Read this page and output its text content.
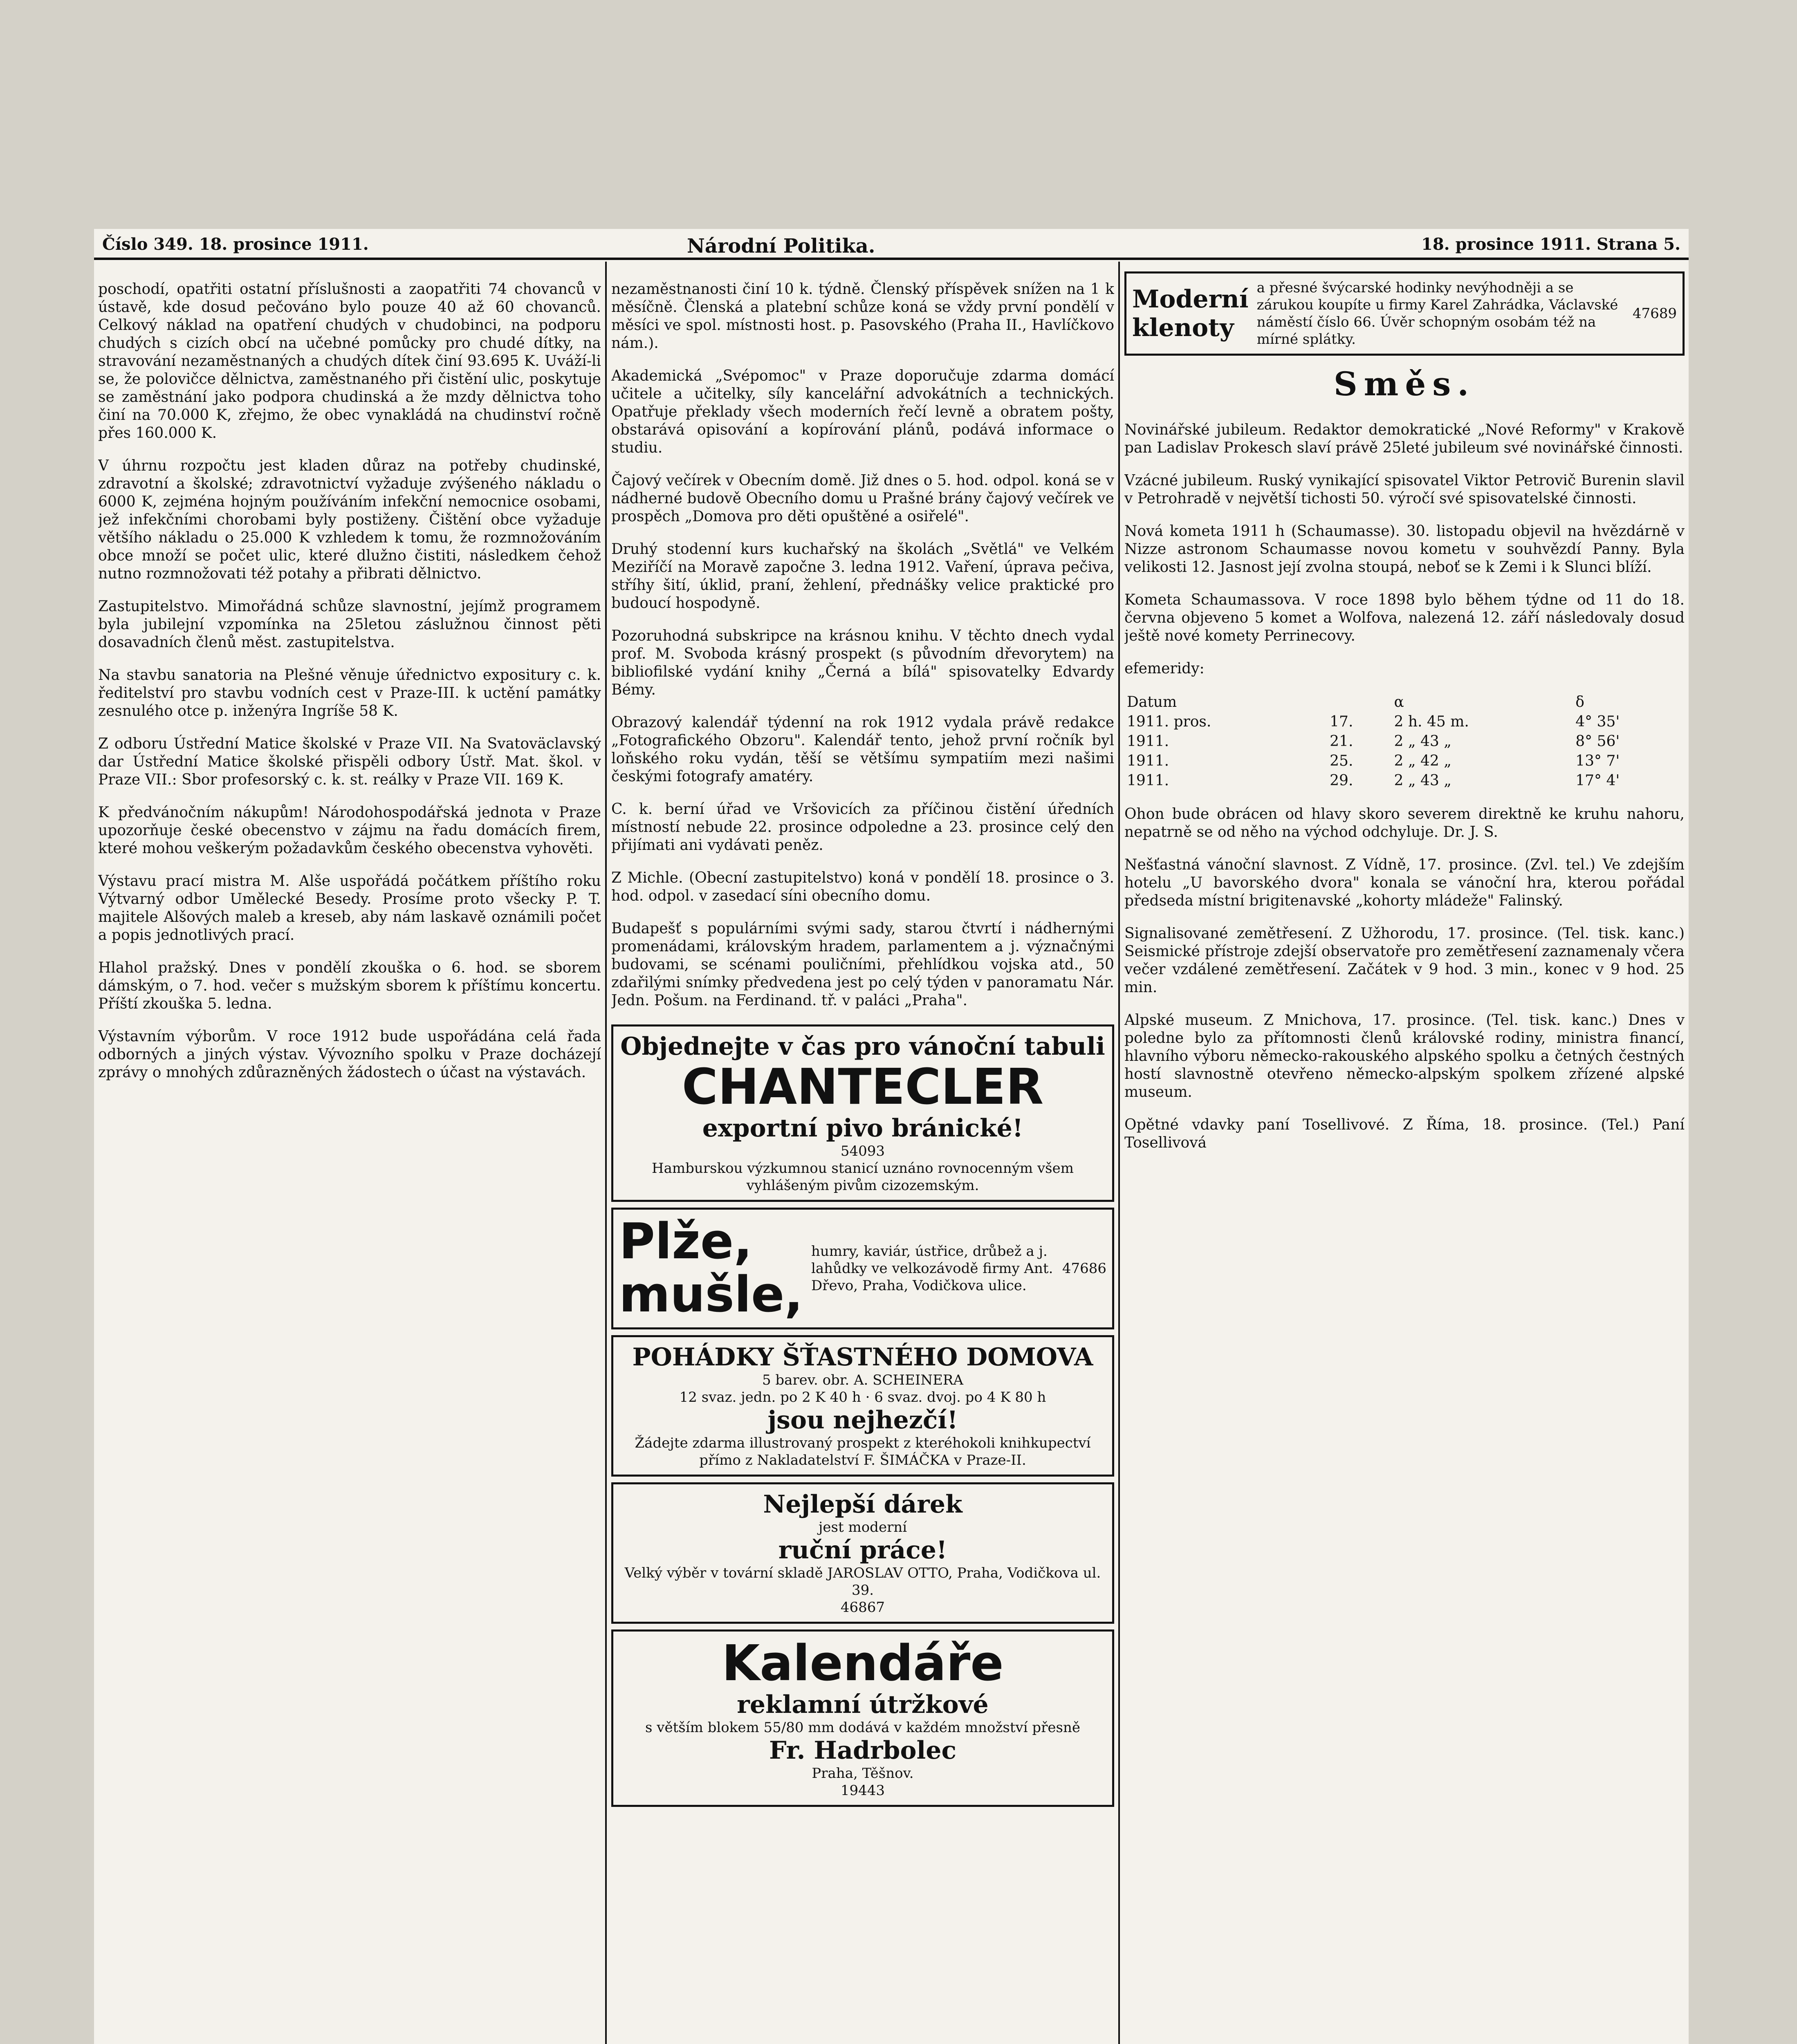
Číslo 349. 18. prosince 1911.	Národní Politika.	18. prosince 1911. Strana 5.

poschodí, opatřiti ostatní příslušnosti a zaopatřiti 74 chovanců v ústavě, kde dosud pečováno bylo pouze 40 až 60 chovanců. Celkový náklad na opatření chudých v chudobinci, na podporu chudých s cizích obcí na učebné pomůcky pro chudé dítky, na stravování nezaměstnaných a chudých dítek činí 93.695 K. Uváží-li se, že polovičce dělnictva, zaměstnaného při čistění ulic, poskytuje se zaměstnání jako podpora chudinská a že mzdy dělnictva toho činí na 70.000 K, zřejmo, že obec vynakládá na chudinství ročně přes 160.000 K.

V úhrnu rozpočtu jest kladen důraz na potřeby chudinské, zdravotní a školské; zdravotnictví vyžaduje zvýšeného nákladu o 6000 K, zejména hojným používáním infekční nemocnice osobami, jež infekčními chorobami byly postiženy. Čištění obce vyžaduje většího nákladu o 25.000 K vzhledem k tomu, že rozmnožováním obce množí se počet ulic, které dlužno čistiti, následkem čehož nutno rozmnožovati též potahy a přibrati dělnictvo.

Zastupitelstvo. Mimořádná schůze slavnostní, jejímž programem byla jubilejní vzpomínka na 25letou záslužnou činnost pěti dosavadních členů měst. zastupitelstva.

Na stavbu sanatoria na Plešné věnuje úřednictvo expositury c. k. ředitelství pro stavbu vodních cest v Praze-III. k uctění památky zesnulého otce p. inženýra Ingríše 58 K.

Z odboru Ústřední Matice školské v Praze VII. Na Svatoväclavský dar Ústřední Matice školské přispěli odbory Ústř. Mat. škol. v Praze VII.: Sbor profesorský c. k. st. reálky v Praze VII. 169 K.

K předvánočním nákupům! Národohospodářská jednota v Praze upozorňuje české obecenstvo v zájmu na řadu domácích firem, které mohou veškerým požadavkům českého obecenstva vyhověti.

Výstavu prací mistra M. Alše uspořádá počátkem příštího roku Výtvarný odbor Umělecké Besedy. Prosíme proto všecky P. T. majitele Alšových maleb a kreseb, aby nám laskavě oznámili počet a popis jednotlivých prací.

Hlahol pražský. Dnes v pondělí zkouška o 6. hod. se sborem dámským, o 7. hod. večer s mužským sborem k příštímu koncertu. Příští zkouška 5. ledna.

Výstavním výborům. V roce 1912 bude uspořádána celá řada odborných a jiných výstav. Vývozního spolku v Praze docházejí zprávy o mnohých zdůrazněných žádostech o účast na výstavách.

nezaměstnanosti činí 10 k. týdně. Členský příspěvek snížen na 1 k měsíčně. Členská a platební schůze koná se vždy první pondělí v měsíci ve spol. místnosti host. p. Pasovského (Praha II., Havlíčkovo nám.).

Akademická „Svépomoc" v Praze doporučuje zdarma domácí učitele a učitelky, síly kancelářní advokátních a technických. Opatřuje překlady všech moderních řečí levně a obratem pošty, obstarává opisování a kopírování plánů, podává informace o studiu.

Čajový večírek v Obecním domě. Již dnes o 5. hod. odpol. koná se v nádherné budově Obecního domu u Prašné brány čajový večírek ve prospěch „Domova pro děti opuštěné a osiřelé".

Druhý stodenní kurs kuchařský na školách „Světlá" ve Velkém Meziříčí na Moravě započne 3. ledna 1912. Vaření, úprava pečiva, stříhy šití, úklid, praní, žehlení, přednášky velice praktické pro budoucí hospodyně.

Pozoruhodná subskripce na krásnou knihu. V těchto dnech vydal prof. M. Svoboda krásný prospekt (s původním dřevorytem) na bibliofilské vydání knihy „Černá a bílá" spisovatelky Edvardy Bémy.

Obrazový kalendář týdenní na rok 1912 vydala právě redakce „Fotografického Obzoru". Kalendář tento, jehož první ročník byl loňského roku vydán, těší se většímu sympatiím mezi našimi českými fotografy amatéry.

C. k. berní úřad ve Vršovicích za příčinou čistění úředních místností nebude 22. prosince odpoledne a 23. prosince celý den přijímati ani vydávati peněz.

Z Michle. (Obecní zastupitelstvo) koná v pondělí 18. prosince o 3. hod. odpol. v zasedací síni obecního domu.

Budapešť s populárními svými sady, starou čtvrtí i nádhernými promenádami, královským hradem, parlamentem a j. význačnými budovami, se scénami pouličními, přehlídkou vojska atd., 50 zdařilými snímky předvedena jest po celý týden v panoramatu Nár. Jedn. Pošum. na Ferdinand. tř. v paláci „Praha".

Objednejte v čas pro vánoční tabuli
CHANTECLER
exportní pivo bránické!
54093
Hamburskou výzkumnou stanicí uznáno rovnocenným všem vyhlášeným pivům cizozemským.
Plže, mušle,
humry, kaviár, ústřice, drůbež a j. lahůdky ve velkozávodě firmy Ant. Dřevo, Praha, Vodičkova ulice.
47686
POHÁDKY ŠŤASTNÉHO DOMOVA
5 barev. obr. A. SCHEINERA
12 svaz. jedn. po 2 K 40 h · 6 svaz. dvoj. po 4 K 80 h
jsou nejhezčí!
Žádejte zdarma illustrovaný prospekt z kteréhokoli knihkupectví přímo z Nakladatelství F. ŠIMÁČKA v Praze-II.
Nejlepší dárek
jest moderní
ruční práce!
Velký výběr v tovární skladě JAROSLAV OTTO, Praha, Vodičkova ul. 39.
46867
Kalendáře
reklamní útržkové
s větším blokem 55/80 mm dodává v každém množství přesně
Fr. Hadrbolec
Praha, Těšnov.
19443
Moderní klenoty
a přesné švýcarské hodinky nevýhodněji a se zárukou koupíte u firmy Karel Zahrádka, Václavské náměstí číslo 66. Úvěr schopným osobám též na mírné splátky.
47689
Směs.

Novinářské jubileum. Redaktor demokratické „Nové Reformy" v Krakově pan Ladislav Prokesch slaví právě 25leté jubileum své novinářské činnosti.

Vzácné jubileum. Ruský vynikající spisovatel Viktor Petrovič Burenin slavil v Petrohradě v největší tichosti 50. výročí své spisovatelské činnosti.

Nová kometa 1911 h (Schaumasse). 30. listopadu objevil na hvězdárně v Nizze astronom Schaumasse novou kometu v souhvězdí Panny. Byla velikosti 12. Jasnost její zvolna stoupá, neboť se k Zemi i k Slunci blíží.

Kometa Schaumassova. V roce 1898 bylo během týdne od 11 do 18. června objeveno 5 komet a Wolfova, nalezená 12. září následovaly dosud ještě nové komety Perrinecovy.

efemeridy:

Datum		α	δ
1911. pros.	17.	2 h. 45 m.	4° 35'
1911.	21.	2 „ 43 „	8° 56'
1911.	25.	2 „ 42 „	13° 7'
1911.	29.	2 „ 43 „	17° 4'

Ohon bude obrácen od hlavy skoro severem direktně ke kruhu nahoru, nepatrně se od něho na východ odchyluje. Dr. J. S.

Nešťastná vánoční slavnost. Z Vídně, 17. prosince. (Zvl. tel.) Ve zdejším hotelu „U bavorského dvora" konala se vánoční hra, kterou pořádal předseda místní brigitenavské „kohorty mládeže" Falinský.

Signalisované zemětřesení. Z Užhorodu, 17. prosince. (Tel. tisk. kanc.) Seismické přístroje zdejší observatoře pro zemětřesení zaznamenaly včera večer vzdálené zemětřesení. Začátek v 9 hod. 3 min., konec v 9 hod. 25 min.

Alpské museum. Z Mnichova, 17. prosince. (Tel. tisk. kanc.) Dnes v poledne bylo za přítomnosti členů královské rodiny, ministra financí, hlavního výboru německo-rakouského alpského spolku a četných čestných hostí slavnostně otevřeno německo-alpským spolkem zřízené alpské museum.

Opětné vdavky paní Tosellivové. Z Říma, 18. prosince. (Tel.) Paní Tosellivová
